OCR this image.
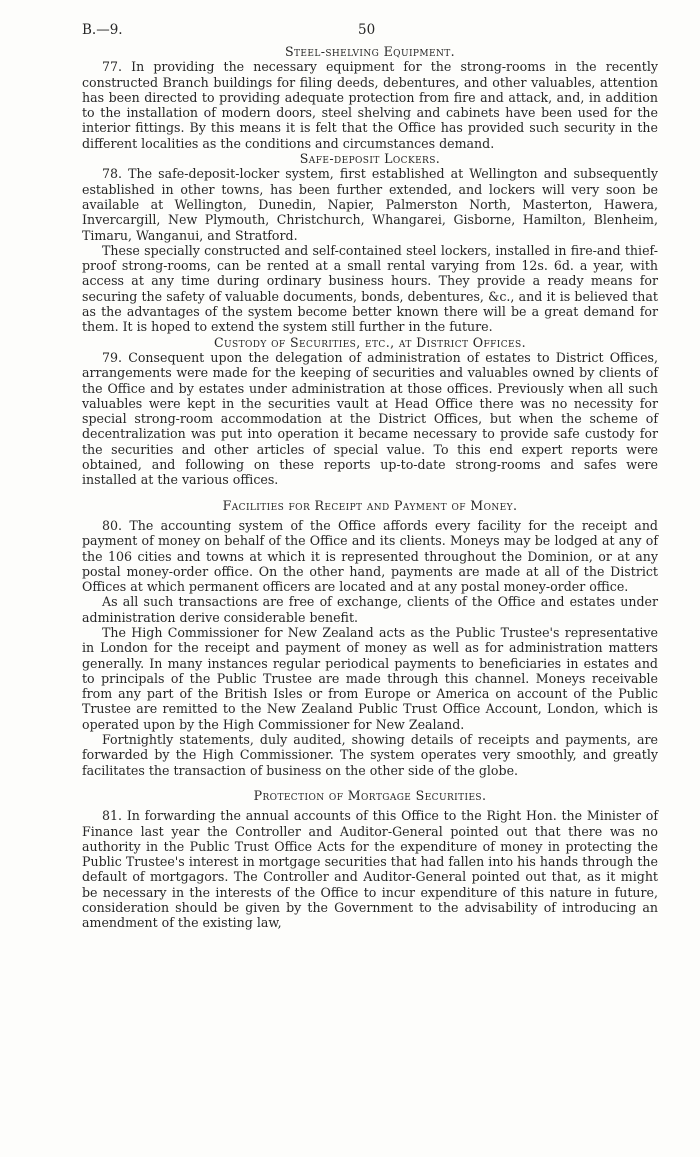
B.—9.	50

Steel-shelving Equipment.

77. In providing the necessary equipment for the strong-rooms in the recently constructed Branch buildings for filing deeds, debentures, and other valuables, attention has been directed to providing adequate protection from fire and attack, and, in addition to the installation of modern doors, steel shelving and cabinets have been used for the interior fittings. By this means it is felt that the Office has provided such security in the different localities as the conditions and circumstances demand.

Safe-deposit Lockers.

78. The safe-deposit-locker system, first established at Wellington and subsequently established in other towns, has been further extended, and lockers will very soon be available at Wellington, Dunedin, Napier, Palmerston North, Masterton, Hawera, Invercargill, New Plymouth, Christchurch, Whangarei, Gisborne, Hamilton, Blenheim, Timaru, Wanganui, and Stratford.

These specially constructed and self-contained steel lockers, installed in fire-and thief-proof strong-rooms, can be rented at a small rental varying from 12s. 6d. a year, with access at any time during ordinary business hours. They provide a ready means for securing the safety of valuable documents, bonds, debentures, &c., and it is believed that as the advantages of the system become better known there will be a great demand for them. It is hoped to extend the system still further in the future.

Custody of Securities, etc., at District Offices.

79. Consequent upon the delegation of administration of estates to District Offices, arrangements were made for the keeping of securities and valuables owned by clients of the Office and by estates under administration at those offices. Previously when all such valuables were kept in the securities vault at Head Office there was no necessity for special strong-room accommodation at the District Offices, but when the scheme of decentralization was put into operation it became necessary to provide safe custody for the securities and other articles of special value. To this end expert reports were obtained, and following on these reports up-to-date strong-rooms and safes were installed at the various offices.

Facilities for Receipt and Payment of Money.

80. The accounting system of the Office affords every facility for the receipt and payment of money on behalf of the Office and its clients. Moneys may be lodged at any of the 106 cities and towns at which it is represented throughout the Dominion, or at any postal money-order office. On the other hand, payments are made at all of the District Offices at which permanent officers are located and at any postal money-order office.

As all such transactions are free of exchange, clients of the Office and estates under administration derive considerable benefit.

The High Commissioner for New Zealand acts as the Public Trustee's representative in London for the receipt and payment of money as well as for administration matters generally. In many instances regular periodical payments to beneficiaries in estates and to principals of the Public Trustee are made through this channel. Moneys receivable from any part of the British Isles or from Europe or America on account of the Public Trustee are remitted to the New Zealand Public Trust Office Account, London, which is operated upon by the High Commissioner for New Zealand.

Fortnightly statements, duly audited, showing details of receipts and payments, are forwarded by the High Commissioner. The system operates very smoothly, and greatly facilitates the transaction of business on the other side of the globe.

Protection of Mortgage Securities.

81. In forwarding the annual accounts of this Office to the Right Hon. the Minister of Finance last year the Controller and Auditor-General pointed out that there was no authority in the Public Trust Office Acts for the expenditure of money in protecting the Public Trustee's interest in mortgage securities that had fallen into his hands through the default of mortgagors. The Controller and Auditor-General pointed out that, as it might be necessary in the interests of the Office to incur expenditure of this nature in future, consideration should be given by the Government to the advisability of introducing an amendment of the existing law,
